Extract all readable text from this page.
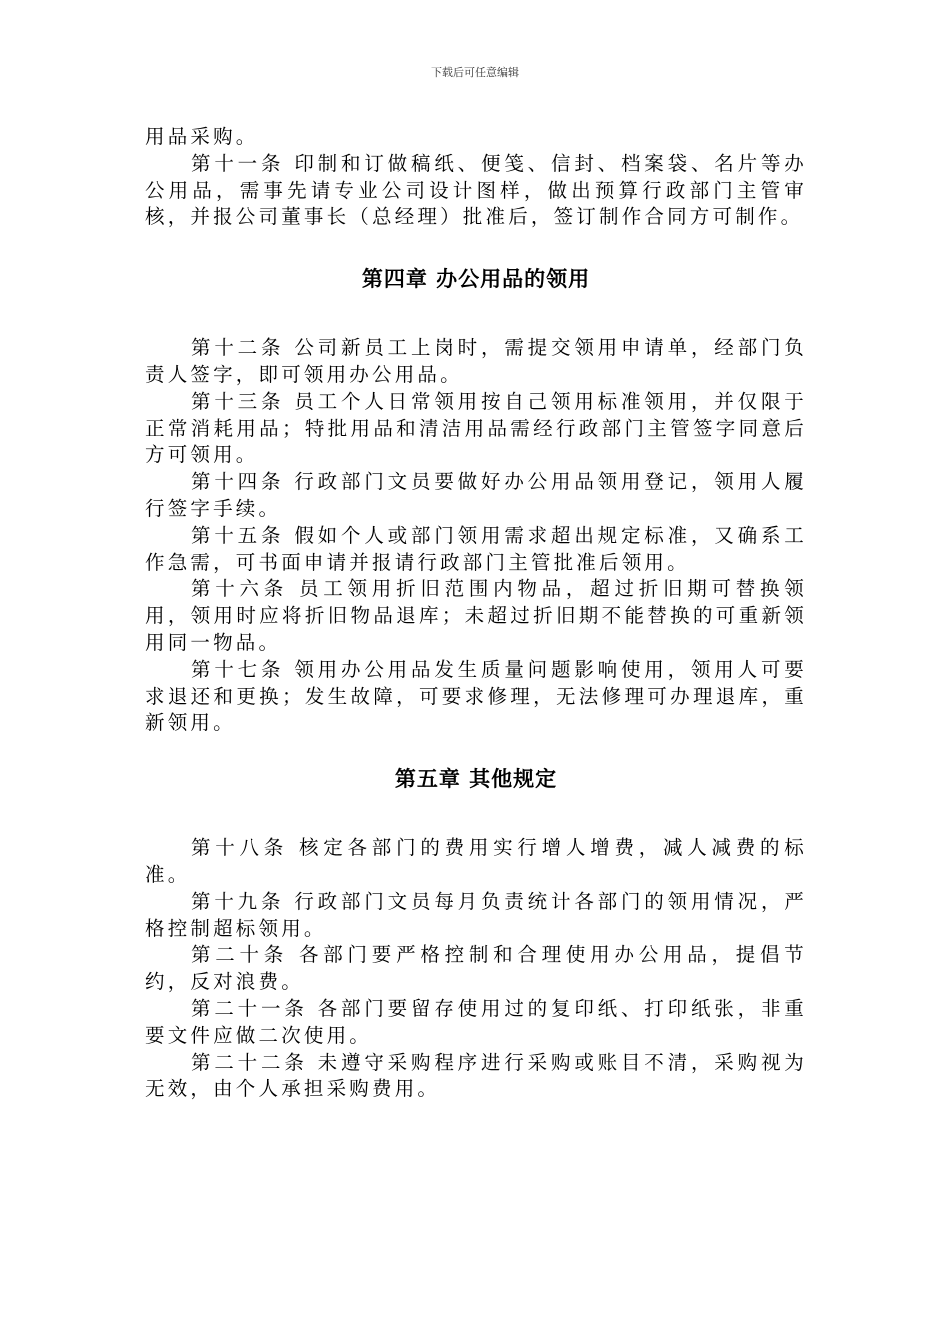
下载后可任意编辑

用品采购。

第十一条 印制和订做稿纸、便笺、信封、档案袋、名片等办公用品，需事先请专业公司设计图样，做出预算行政部门主管审核，并报公司董事长（总经理）批准后，签订制作合同方可制作。

第四章 办公用品的领用

第十二条 公司新员工上岗时，需提交领用申请单，经部门负责人签字，即可领用办公用品。

第十三条 员工个人日常领用按自己领用标准领用，并仅限于正常消耗用品；特批用品和清洁用品需经行政部门主管签字同意后方可领用。

第十四条 行政部门文员要做好办公用品领用登记，领用人履行签字手续。

第十五条 假如个人或部门领用需求超出规定标准，又确系工作急需，可书面申请并报请行政部门主管批准后领用。

第十六条 员工领用折旧范围内物品，超过折旧期可替换领用，领用时应将折旧物品退库；未超过折旧期不能替换的可重新领用同一物品。

第十七条 领用办公用品发生质量问题影响使用，领用人可要求退还和更换；发生故障，可要求修理，无法修理可办理退库，重新领用。

第五章 其他规定

第十八条 核定各部门的费用实行增人增费，减人减费的标准。

第十九条 行政部门文员每月负责统计各部门的领用情况，严格控制超标领用。

第二十条 各部门要严格控制和合理使用办公用品，提倡节约，反对浪费。

第二十一条 各部门要留存使用过的复印纸、打印纸张，非重要文件应做二次使用。

第二十二条 未遵守采购程序进行采购或账目不清，采购视为无效，由个人承担采购费用。
